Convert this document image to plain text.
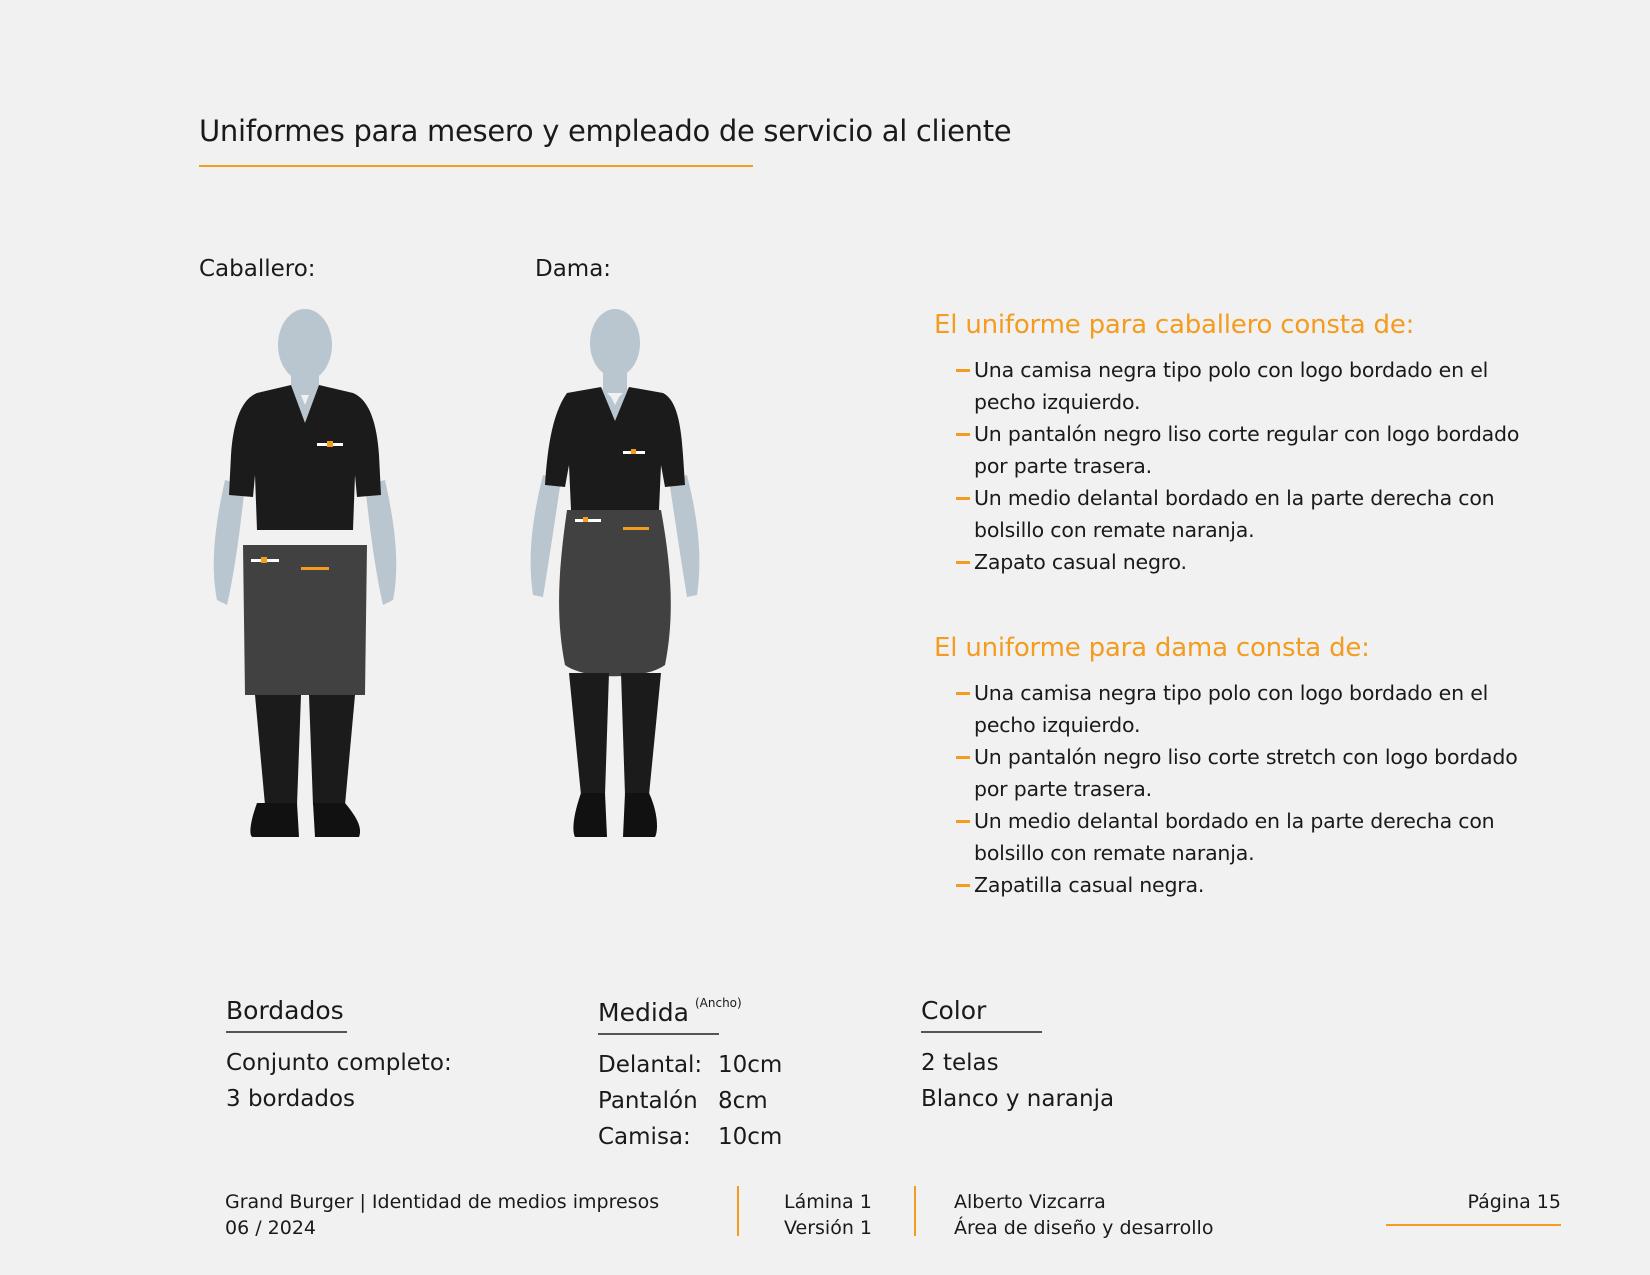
Uniformes para mesero y empleado de servicio al cliente
Caballero:	Dama:
El uniforme para caballero consta de:
Una camisa negra tipo polo con logo bordado en el pecho izquierdo.
Un pantalón negro liso corte regular con logo bordado por parte trasera.
Un medio delantal bordado en la parte derecha con bolsillo con remate naranja.
Zapato casual negro.
El uniforme para dama consta de:
Una camisa negra tipo polo con logo bordado en el pecho izquierdo.
Un pantalón negro liso corte stretch con logo bordado por parte trasera.
Un medio delantal bordado en la parte derecha con bolsillo con remate naranja.
Zapatilla casual negra.
Bordados
Conjunto completo:
3 bordados
Medida $^{(Ancho)}$
Delantal: 10cm
Pantalón 8cm
Camisa:	10cm
Color
2 telas
Blanco y naranja
Grand Burger | Identidad de medios impresos
06 / 2024
Lámina 1
Versión 1
Alberto Vizcarra
Área de diseño y desarrollo
Página 15
